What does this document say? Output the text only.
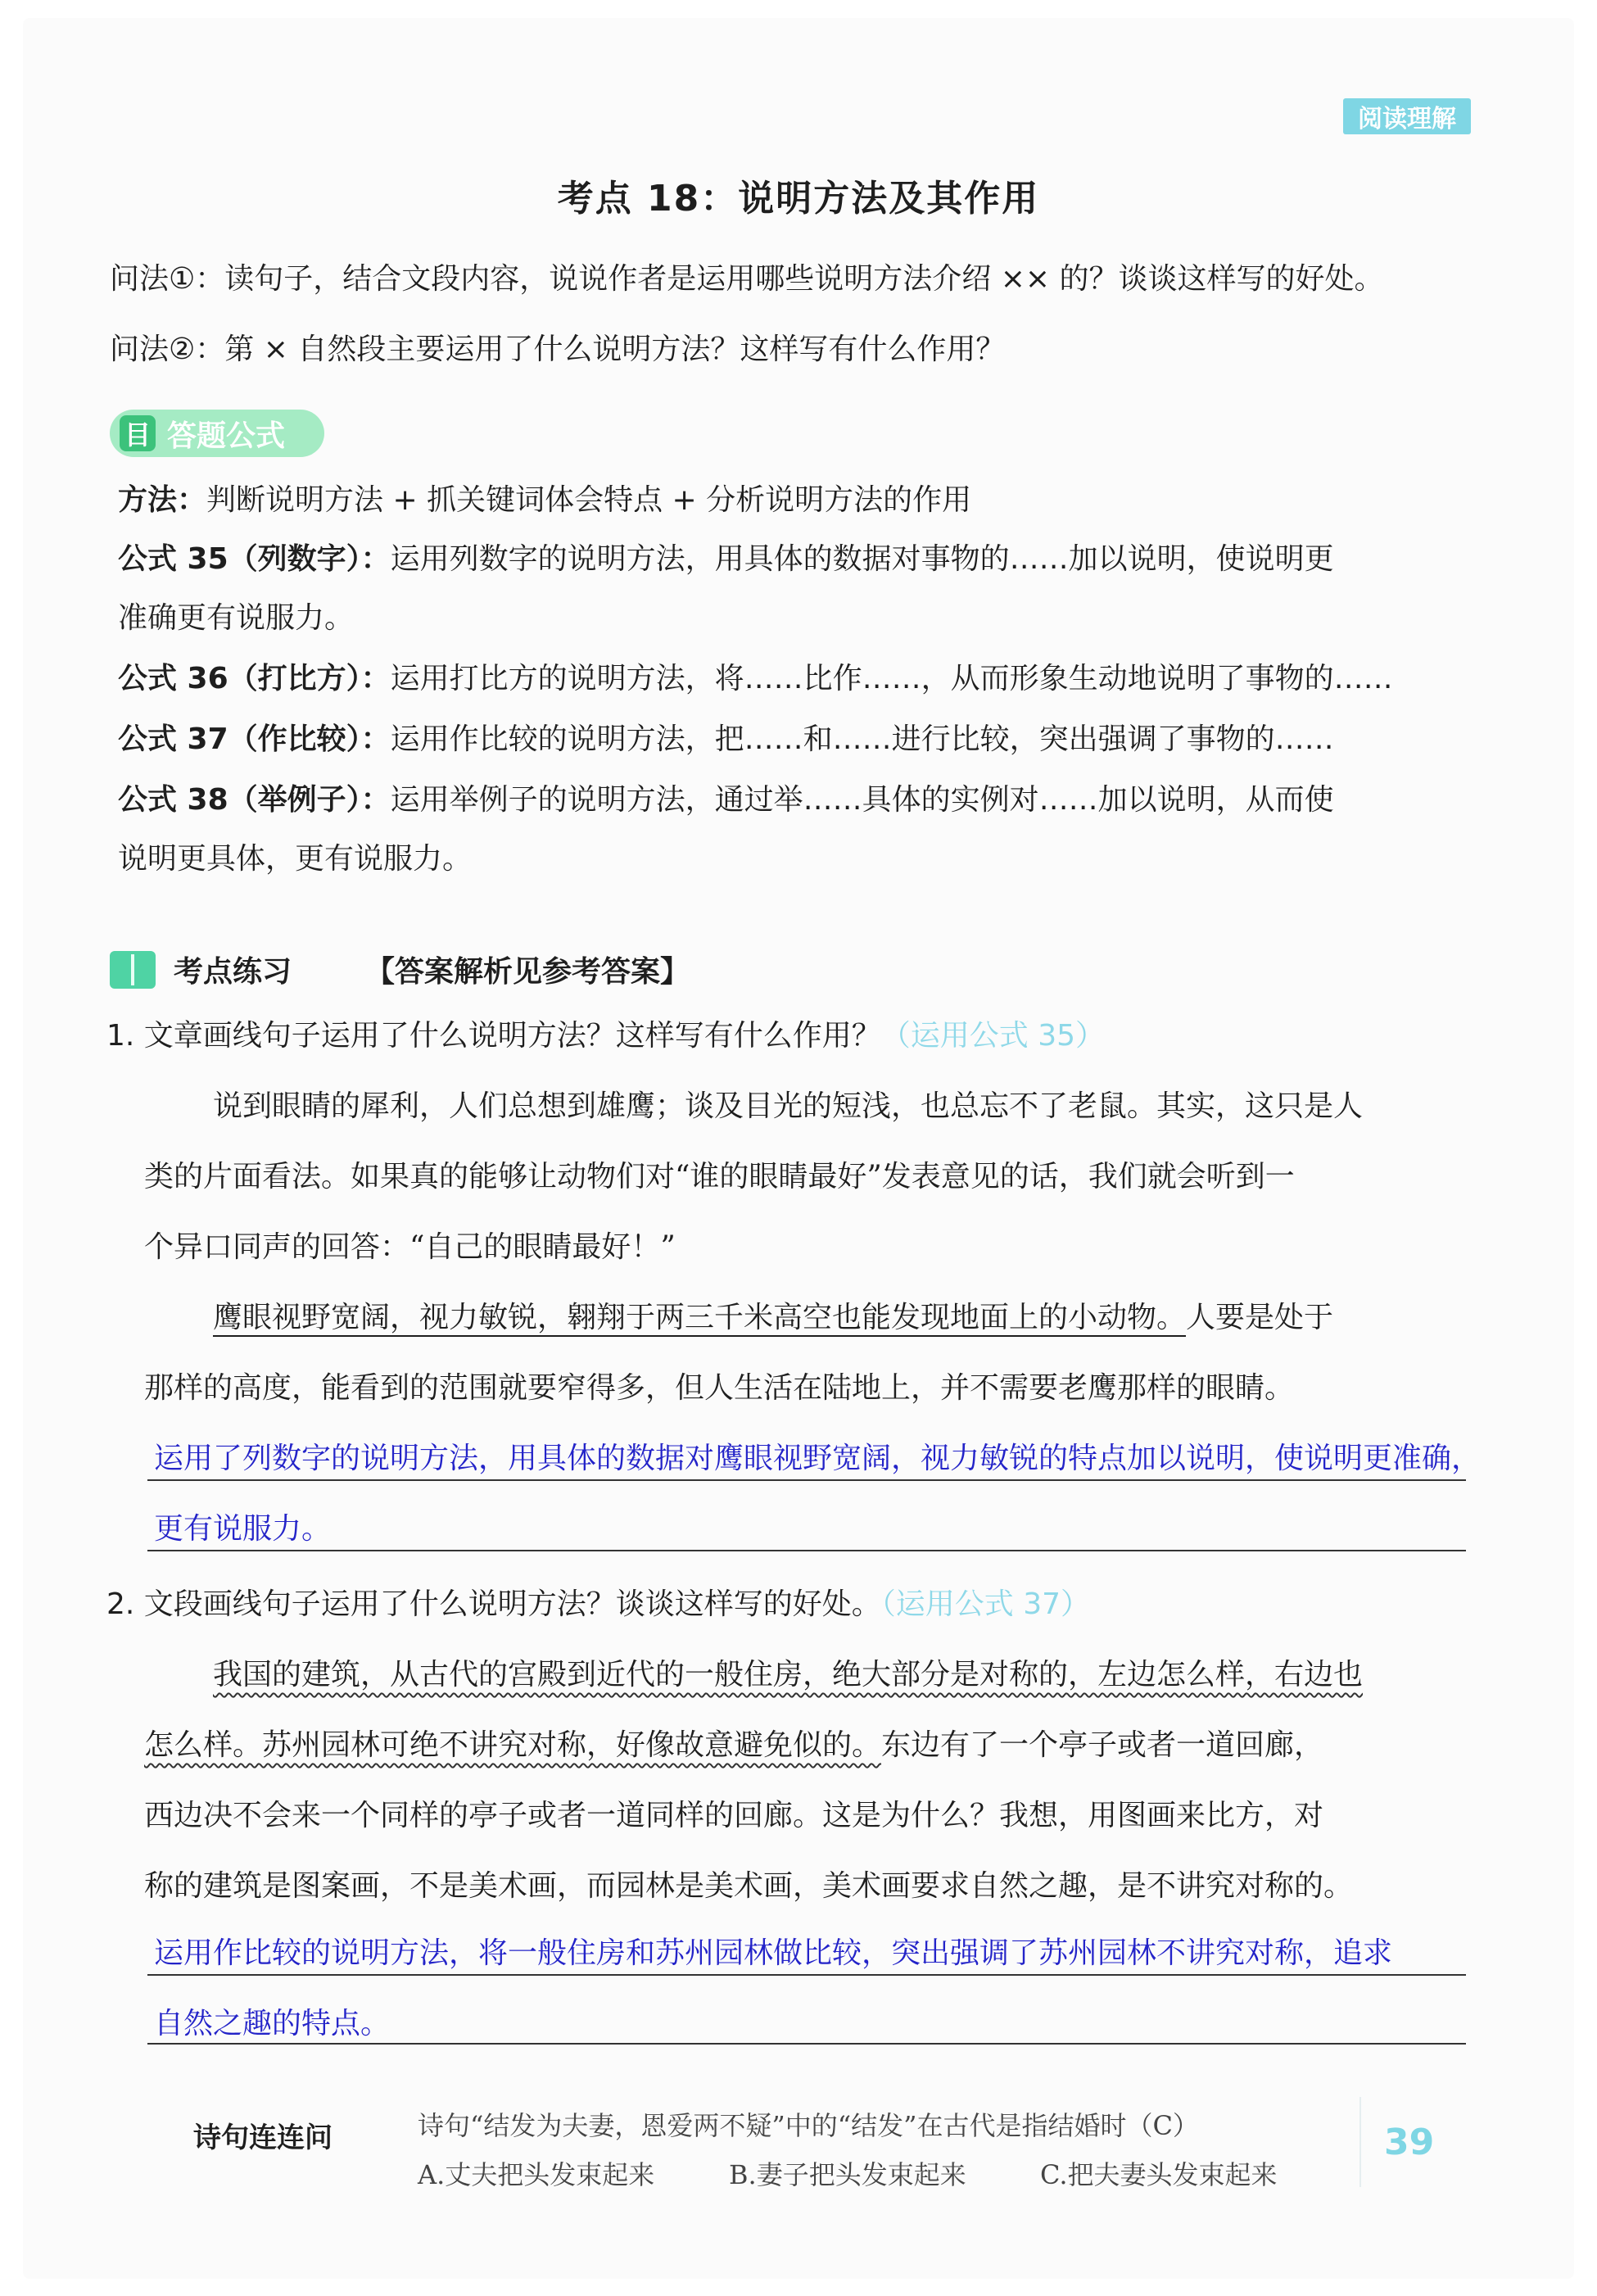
阅读理解
考点 18：说明方法及其作用
问法①：读句子，结合文段内容，说说作者是运用哪些说明方法介绍 ×× 的？谈谈这样写的好处。
问法②：第 × 自然段主要运用了什么说明方法？这样写有什么作用？
目 答题公式
方法：判断说明方法 + 抓关键词体会特点 + 分析说明方法的作用
公式 35（列数字）：运用列数字的说明方法，用具体的数据对事物的……加以说明，使说明更
准确更有说服力。
公式 36（打比方）：运用打比方的说明方法，将……比作……，从而形象生动地说明了事物的……
公式 37（作比较）：运用作比较的说明方法，把……和……进行比较，突出强调了事物的……
公式 38（举例子）：运用举例子的说明方法，通过举……具体的实例对……加以说明，从而使
说明更具体，更有说服力。
考点练习	【答案解析见参考答案】
1. 文章画线句子运用了什么说明方法？这样写有什么作用？（运用公式 35）
说到眼睛的犀利，人们总想到雄鹰；谈及目光的短浅，也总忘不了老鼠。其实，这只是人
类的片面看法。如果真的能够让动物们对“谁的眼睛最好”发表意见的话，我们就会听到一
个异口同声的回答：“自己的眼睛最好！”
鹰眼视野宽阔，视力敏锐，翱翔于两三千米高空也能发现地面上的小动物。人要是处于
那样的高度，能看到的范围就要窄得多，但人生活在陆地上，并不需要老鹰那样的眼睛。
运用了列数字的说明方法，用具体的数据对鹰眼视野宽阔，视力敏锐的特点加以说明，使说明更准确，
更有说服力。
2. 文段画线句子运用了什么说明方法？谈谈这样写的好处。（运用公式 37）
我国的建筑，从古代的宫殿到近代的一般住房，绝大部分是对称的，左边怎么样，右边也
怎么样。苏州园林可绝不讲究对称，好像故意避免似的。东边有了一个亭子或者一道回廊，
西边决不会来一个同样的亭子或者一道同样的回廊。这是为什么？我想，用图画来比方，对
称的建筑是图案画，不是美术画，而园林是美术画，美术画要求自然之趣，是不讲究对称的。
运用作比较的说明方法，将一般住房和苏州园林做比较，突出强调了苏州园林不讲究对称，追求
自然之趣的特点。
诗句连连问	诗句“结发为夫妻，恩爱两不疑”中的“结发”在古代是指结婚时（C）
A.丈夫把头发束起来	B.妻子把头发束起来	C.把夫妻头发束起来
39
